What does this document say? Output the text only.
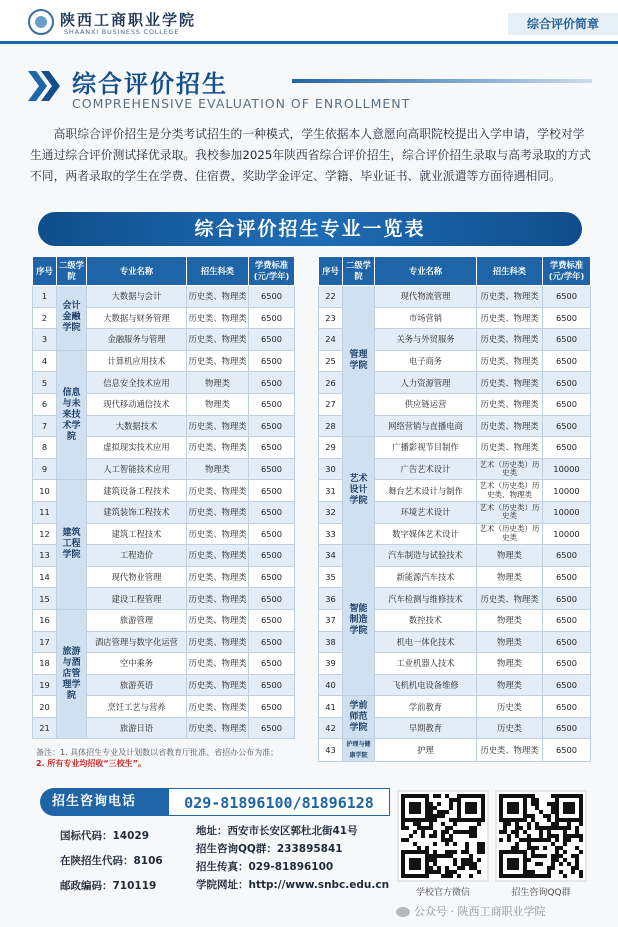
陕西工商职业学院
SHAANXI BUSINESS COLLEGE
综合评价简章
综合评价招生
COMPREHENSIVE EVALUATION OF ENROLLMENT

高职综合评价招生是分类考试招生的一种模式，学生依据本人意愿向高职院校提出入学申请，学校对学生通过综合评价测试择优录取。我校参加2025年陕西省综合评价招生，综合评价招生录取与高考录取的方式不同，两者录取的学生在学费、住宿费、奖助学金评定、学籍、毕业证书、就业派遣等方面待遇相同。

综合评价招生专业一览表
序号	二级学院	专业名称	招生科类	学费标准(元/学年)
1	会计金融学院	大数据与会计	历史类、物理类	6500
2		大数据与财务管理	历史类、物理类	6500
3		金融服务与管理	历史类、物理类	6500
4	信息与未来技术学院	计算机应用技术	历史类、物理类	6500
5		信息安全技术应用	物理类	6500
6		现代移动通信技术	物理类	6500
7		大数据技术	历史类、物理类	6500
8		虚拟现实技术应用	历史类、物理类	6500
9		人工智能技术应用	物理类	6500
10	建筑工程学院	建筑设备工程技术	历史类、物理类	6500
11		建筑装饰工程技术	历史类、物理类	6500
12		建筑工程技术	历史类、物理类	6500
13		工程造价	历史类、物理类	6500
14		现代物业管理	历史类、物理类	6500
15		建设工程管理	历史类、物理类	6500
16	旅游与酒店管理学院	旅游管理	历史类、物理类	6500
17		酒店管理与数字化运营	历史类、物理类	6500
18		空中乘务	历史类、物理类	6500
19		旅游英语	历史类、物理类	6500
20		烹饪工艺与营养	历史类、物理类	6500
21		旅游日语	历史类、物理类	6500
序号	二级学院	专业名称	招生科类	学费标准(元/学年)
22	管理学院	现代物流管理	历史类、物理类	6500
23		市场营销	历史类、物理类	6500
24		关务与外贸服务	历史类、物理类	6500
25		电子商务	历史类、物理类	6500
26		人力资源管理	历史类、物理类	6500
27		供应链运营	历史类、物理类	6500
28		网络营销与直播电商	历史类、物理类	6500
29	艺术设计学院	广播影视节目制作	历史类、物理类	6500
30		广告艺术设计	艺术（历史类）历史类	10000
31		舞台艺术设计与制作	艺术（历史类）历史类、物理类	10000
32		环境艺术设计	艺术（历史类）历史类	10000
33		数字媒体艺术设计	艺术（历史类）历史类	10000
34	智能制造学院	汽车制造与试验技术	物理类	6500
35		新能源汽车技术	物理类	6500
36		汽车检测与维修技术	历史类、物理类	6500
37		数控技术	物理类	6500
38		机电一体化技术	物理类	6500
39		工业机器人技术	物理类	6500
40		飞机机电设备维修	物理类	6500
41	学前师范学院	学前教育	历史类	6500
42		早期教育	历史类	6500
43	护理与健康学院	护理	历史类、物理类	6500
备注：1. 具体招生专业及计划数以省教育厅批准、省招办公布为准；
2. 所有专业均招收“三校生”。
招生咨询电话	029-81896100/81896128
国标代码：14029
在陕招生代码：8106
邮政编码：710119
地址：西安市长安区郭杜北街41号
招生咨询QQ群：233895841
招生传真：029-81896100
学院网址：http://www.snbc.edu.cn
学校官方微信	招生咨询QQ群
公众号 · 陕西工商职业学院
